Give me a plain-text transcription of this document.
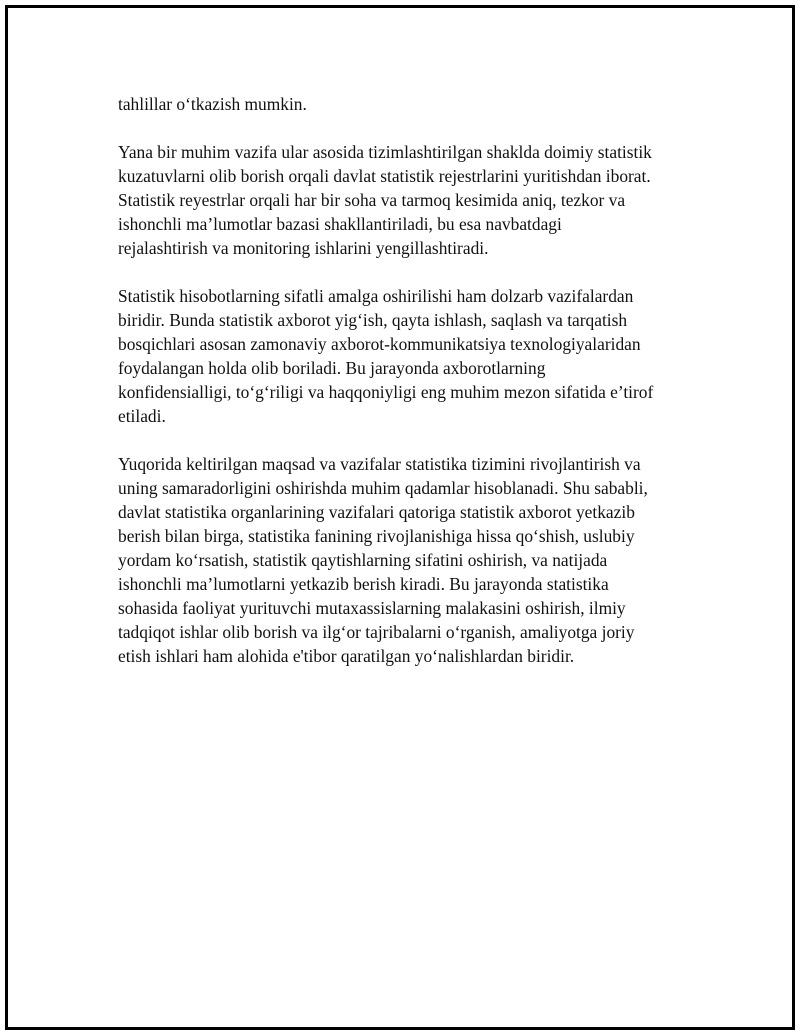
tahlillar o‘tkazish mumkin.

Yana bir muhim vazifa ular asosida tizimlashtirilgan shaklda doimiy statistik
kuzatuvlarni olib borish orqali davlat statistik rejestrlarini yuritishdan iborat.
Statistik reyestrlar orqali har bir soha va tarmoq kesimida aniq, tezkor va
ishonchli ma’lumotlar bazasi shakllantiriladi, bu esa navbatdagi
rejalashtirish va monitoring ishlarini yengillashtiradi.

Statistik hisobotlarning sifatli amalga oshirilishi ham dolzarb vazifalardan
biridir. Bunda statistik axborot yig‘ish, qayta ishlash, saqlash va tarqatish
bosqichlari asosan zamonaviy axborot-kommunikatsiya texnologiyalaridan
foydalangan holda olib boriladi. Bu jarayonda axborotlarning
konfidensialligi, to‘g‘riligi va haqqoniyligi eng muhim mezon sifatida e’tirof
etiladi.

Yuqorida keltirilgan maqsad va vazifalar statistika tizimini rivojlantirish va
uning samaradorligini oshirishda muhim qadamlar hisoblanadi. Shu sababli,
davlat statistika organlarining vazifalari qatoriga statistik axborot yetkazib
berish bilan birga, statistika fanining rivojlanishiga hissa qo‘shish, uslubiy
yordam ko‘rsatish, statistik qaytishlarning sifatini oshirish, va natijada
ishonchli ma’lumotlarni yetkazib berish kiradi. Bu jarayonda statistika
sohasida faoliyat yurituvchi mutaxassislarning malakasini oshirish, ilmiy
tadqiqot ishlar olib borish va ilg‘or tajribalarni o‘rganish, amaliyotga joriy
etish ishlari ham alohida e'tibor qaratilgan yo‘nalishlardan biridir.
